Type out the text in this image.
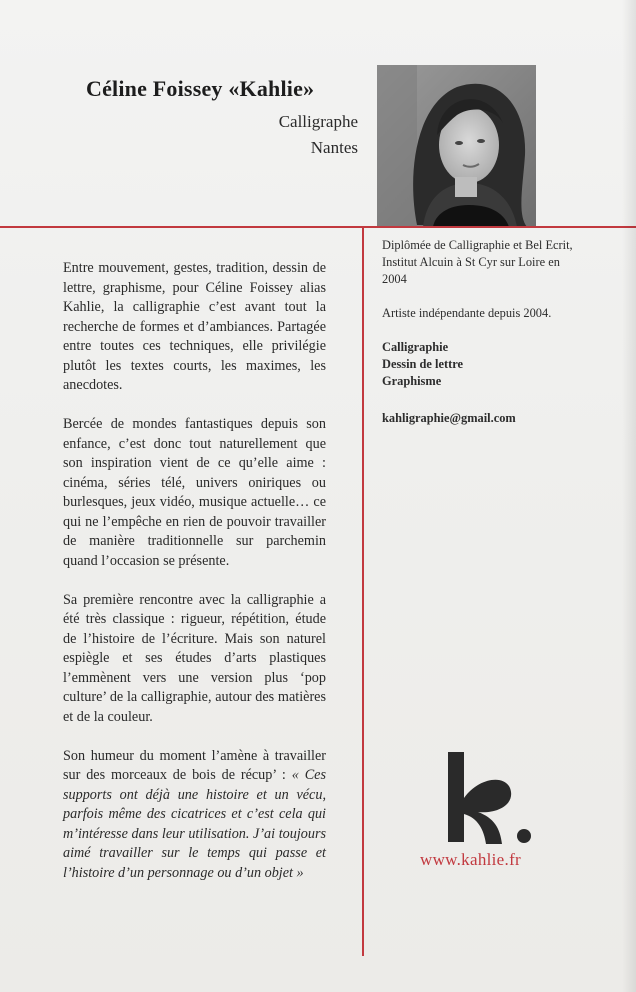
Céline Foissey «Kahlie»
Calligraphe
Nantes

Entre mouvement, gestes, tradition, dessin de lettre, graphisme, pour Céline Foissey alias Kahlie, la calligraphie c’est avant tout la recherche de formes et d’ambiances. Partagée entre toutes ces techniques, elle privilégie plutôt les textes courts, les maximes, les anecdotes.

Bercée de mondes fantastiques depuis son enfance, c’est donc tout naturellement que son inspiration vient de ce qu’elle aime : cinéma, séries télé, univers oniriques ou burlesques, jeux vidéo, musique actuelle… ce qui ne l’empêche en rien de pouvoir travailler de manière traditionnelle sur parchemin quand l’occasion se présente.

Sa première rencontre avec la calligraphie a été très classique : rigueur, répétition, étude de l’histoire de l’écriture. Mais son naturel espiègle et ses études d’arts plastiques l’emmènent vers une version plus ‘pop culture’ de la calligraphie, autour des matières et de la couleur.

Son humeur du moment l’amène à travailler sur des morceaux de bois de récup’ : « Ces supports ont déjà une histoire et un vécu, parfois même des cicatrices et c’est cela qui m’intéresse dans leur utilisation. J’ai toujours aimé travailler sur le temps qui passe et l’histoire d’un personnage ou d’un objet »

Diplômée de Calligraphie et Bel Ecrit, Institut Alcuin à St Cyr sur Loire en 2004

Artiste indépendante depuis 2004.

Calligraphie
Dessin de lettre
Graphisme

kahligraphie@gmail.com

www.kahlie.fr
